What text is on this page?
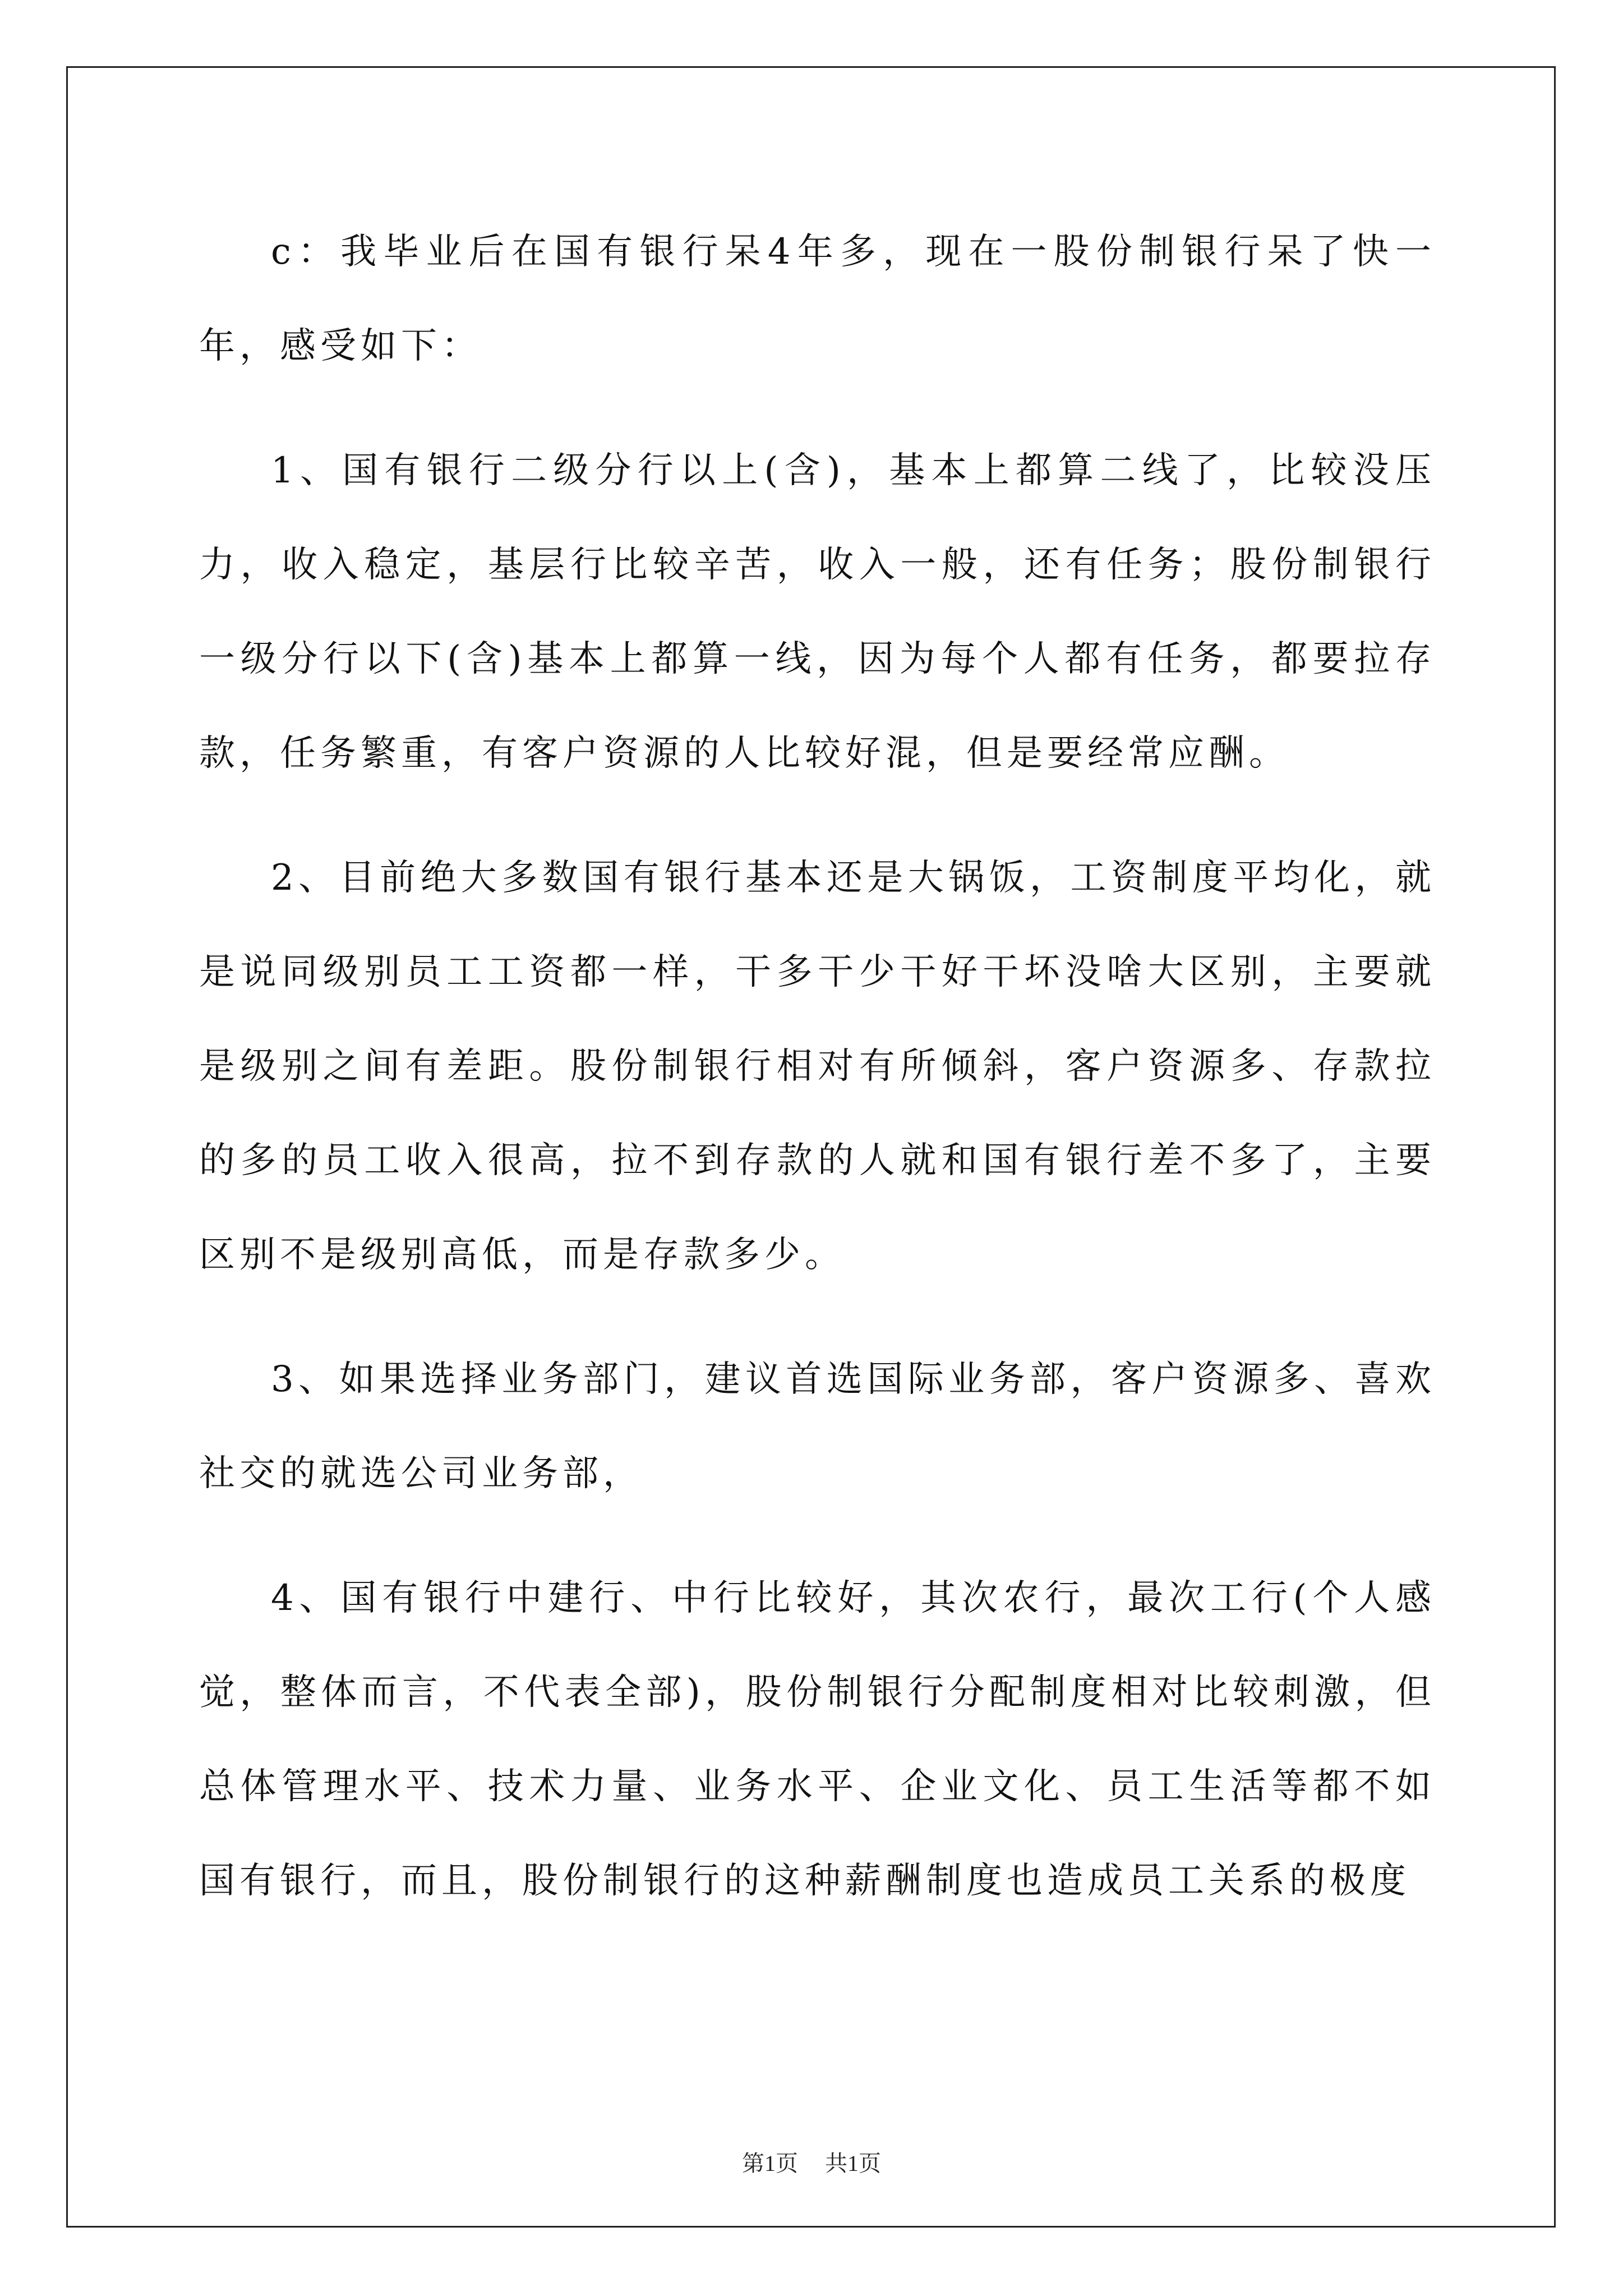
c：我毕业后在国有银行呆4年多，现在一股份制银行呆了快一年，感受如下：

1、国有银行二级分行以上(含)，基本上都算二线了，比较没压力，收入稳定，基层行比较辛苦，收入一般，还有任务；股份制银行一级分行以下(含)基本上都算一线，因为每个人都有任务，都要拉存款，任务繁重，有客户资源的人比较好混，但是要经常应酬。

2、目前绝大多数国有银行基本还是大锅饭，工资制度平均化，就是说同级别员工工资都一样，干多干少干好干坏没啥大区别，主要就是级别之间有差距。股份制银行相对有所倾斜，客户资源多、存款拉的多的员工收入很高，拉不到存款的人就和国有银行差不多了，主要区别不是级别高低，而是存款多少。

3、如果选择业务部门，建议首选国际业务部，客户资源多、喜欢社交的就选公司业务部，

4、国有银行中建行、中行比较好，其次农行，最次工行(个人感觉，整体而言，不代表全部)，股份制银行分配制度相对比较刺激，但总体管理水平、技术力量、业务水平、企业文化、员工生活等都不如国有银行，而且，股份制银行的这种薪酬制度也造成员工关系的极度

第1页 共1页
